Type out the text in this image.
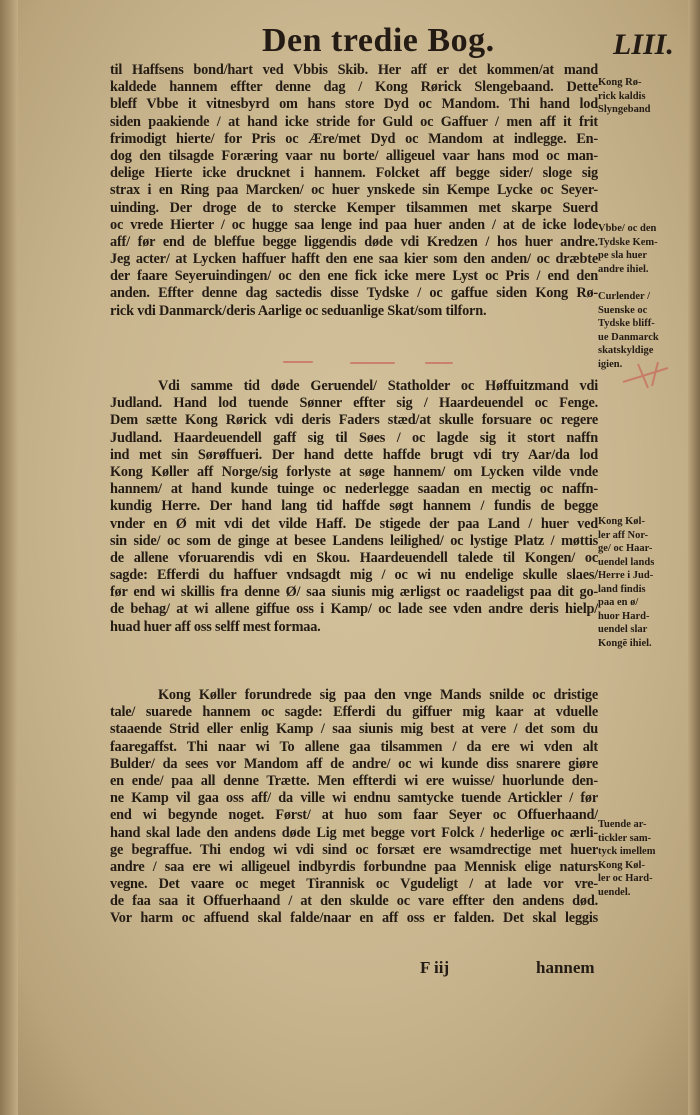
Den tredie Bog.	LIII.
til Haffsens bond/hart ved Vbbis Skib. Her aff er det kommen/at mand
kaldede hannem effter denne dag / Kong Rørick Slengebaand. Dette
bleff Vbbe it vitnesbyrd om hans store Dyd oc Mandom. Thi hand lod
siden paakiende / at hand icke stride for Guld oc Gaffuer / men aff it frit
frimodigt hierte/ for Pris oc Ære/met Dyd oc Mandom at indlegge. En-
dog den tilsagde Foræring vaar nu borte/ alligeuel vaar hans mod oc man-
delige Hierte icke drucknet i hannem. Folcket aff begge sider/ sloge sig
strax i en Ring paa Marcken/ oc huer ynskede sin Kempe Lycke oc Seyer-
uinding. Der droge de to stercke Kemper tilsammen met skarpe Suerd
oc vrede Hierter / oc hugge saa lenge ind paa huer anden / at de icke lode
aff/ før end de bleffue begge liggendis døde vdi Kredzen / hos huer andre.
Jeg acter/ at Lycken haffuer hafft den ene saa kier som den anden/ oc dræbte
der faare Seyeruindingen/ oc den ene fick icke mere Lyst oc Pris / end den
anden. Effter denne dag sactedis disse Tydske / oc gaffue siden Kong Rø-
rick vdi Danmarck/deris Aarlige oc seduanlige Skat/som tilforn.
Vdi samme tid døde Geruendel/ Statholder oc Høffuitzmand vdi
Judland. Hand lod tuende Sønner effter sig / Haardeuendel oc Fenge.
Dem sætte Kong Rørick vdi deris Faders stæd/at skulle forsuare oc regere
Judland. Haardeuendell gaff sig til Søes / oc lagde sig it stort naffn
ind met sin Sørøffueri. Der hand dette haffde brugt vdi try Aar/da lod
Kong Køller aff Norge/sig forlyste at søge hannem/ om Lycken vilde vnde
hannem/ at hand kunde tuinge oc nederlegge saadan en mectig oc naffn-
kundig Herre. Der hand lang tid haffde søgt hannem / fundis de begge
vnder en Ø mit vdi det vilde Haff. De stigede der paa Land / huer ved
sin side/ oc som de ginge at besee Landens leilighed/ oc lystige Platz / møttis
de allene vforuarendis vdi en Skou. Haardeuendell talede til Kongen/ oc
sagde: Efferdi du haffuer vndsagdt mig / oc wi nu endelige skulle slaes/
før end wi skillis fra denne Ø/ saa siunis mig ærligst oc raadeligst paa dit go-
de behag/ at wi allene giffue oss i Kamp/ oc lade see vden andre deris hielp/
huad huer aff oss selff mest formaa.
Kong Køller forundrede sig paa den vnge Mands snilde oc dristige
tale/ suarede hannem oc sagde: Efferdi du giffuer mig kaar at vduelle
staaende Strid eller enlig Kamp / saa siunis mig best at vere / det som du
faaregaffst. Thi naar wi To allene gaa tilsammen / da ere wi vden alt
Bulder/ da sees vor Mandom aff de andre/ oc wi kunde diss snarere giøre
en ende/ paa all denne Trætte. Men effterdi wi ere wuisse/ huorlunde den-
ne Kamp vil gaa oss aff/ da ville wi endnu samtycke tuende Artickler / før
end wi begynde noget. Først/ at huo som faar Seyer oc Offuerhaand/
hand skal lade den andens døde Lig met begge vort Folck / hederlige oc ærli-
ge begraffue. Thi endog wi vdi sind oc forsæt ere wsamdrectige met huer
andre / saa ere wi alligeuel indbyrdis forbundne paa Mennisk elige naturs
vegne. Det vaare oc meget Tirannisk oc Vgudeligt / at lade vor vre-
de faa saa it Offuerhaand / at den skulde oc vare effter den andens død.
Vor harm oc affuend skal falde/naar en aff oss er falden. Det skal leggis
Kong Rø-
rick kaldis
Slyngeband
Vbbe/ oc den
Tydske Kem-
pe sla huer
andre ihiel.
Curlender /
Suenske oc
Tydske bliff-
ue Danmarck
skatskyldige
igien.
Kong Køl-
ler aff Nor-
ge/ oc Haar-
uendel lands
Herre i Jud-
land findis
paa en ø/
huor Hard-
uendel slar
Kongē ihiel.
Tuende ar-
tickler sam-
tyck imellem
Kong Køl-
ler oc Hard-
uendel.
F iij	hannem
